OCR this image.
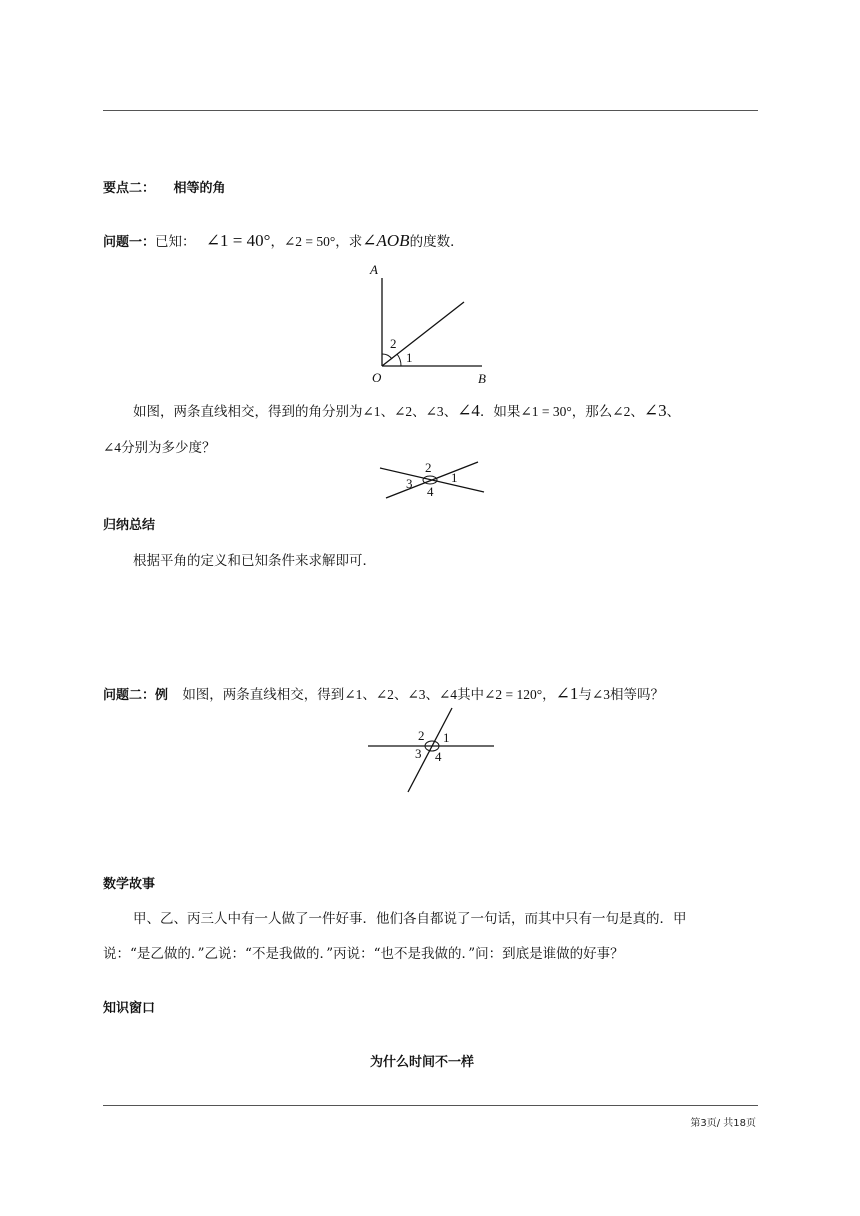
要点二： 相等的角
问题一：已知： ∠1 = 40°，∠2 = 50°，求∠AOB的度数．
A
2
1
O	B
如图，两条直线相交，得到的角分别为∠1、∠2、∠3、∠4．如果∠1 = 30°，那么∠2、∠3、
∠4分别为多少度？
2
1
3
4
归纳总结
根据平角的定义和已知条件来求解即可．
问题二：例 如图，两条直线相交，得到∠1、∠2、∠3、∠4其中∠2 = 120°，∠1与∠3相等吗？
2 1
3 4
数学故事
甲、乙、丙三人中有一人做了一件好事．他们各自都说了一句话，而其中只有一句是真的．甲
说：“是乙做的．”乙说：“不是我做的．”丙说：“也不是我做的．”问：到底是谁做的好事？
知识窗口
为什么时间不一样
第3页/ 共18页
